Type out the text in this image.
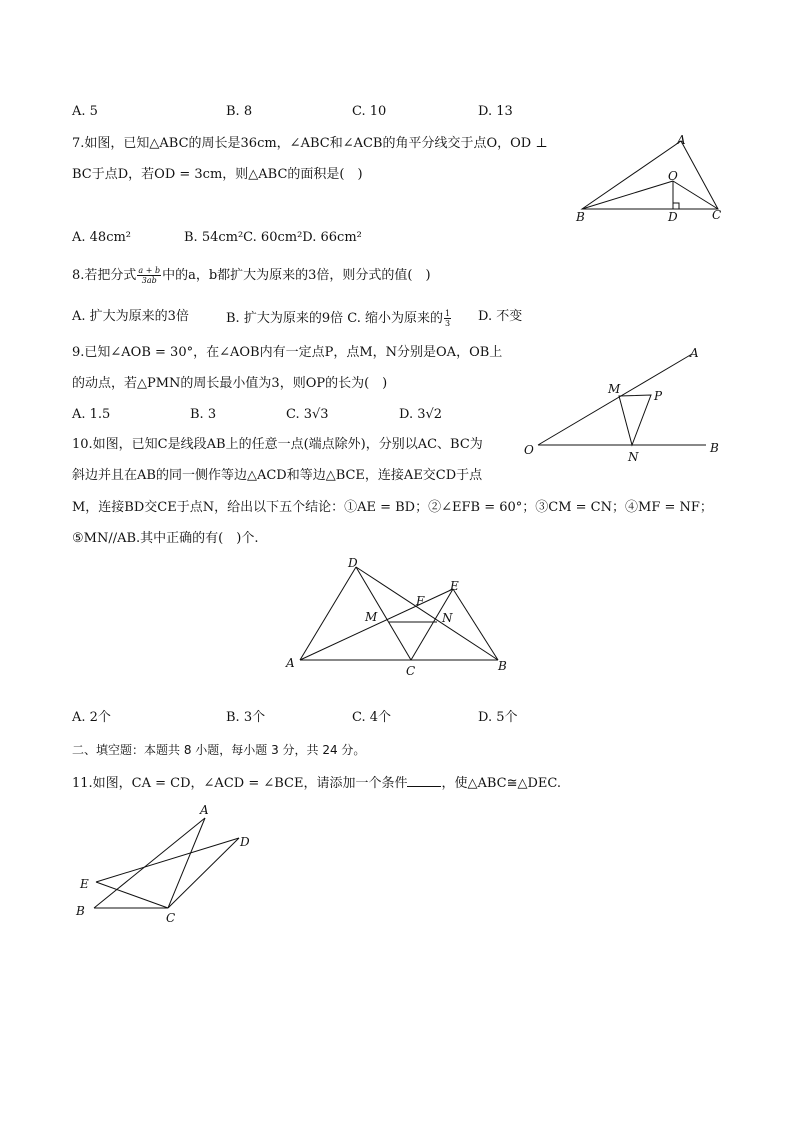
A. 5	B. 8	C. 10	D. 13
7.如图，已知△ABC的周长是36cm，∠ABC和∠ACB的角平分线交于点O，OD ⊥
BC于点D，若OD = 3cm，则△ABC的面积是(　)
A. 48cm²	B. 54cm²C. 60cm²D. 66cm²
A
O
B	D	C
8.若把分式 $\frac{a + b}{3ab}$ 中的a，b都扩大为原来的3倍，则分式的值(　)
A. 扩大为原来的3倍	B. 扩大为原来的9倍 C. 缩小为原来的 $\frac{1}{3} D$. 不变
9.已知∠AOB = 30°，在∠AOB内有一定点P，点M，N分别是OA，OB上
的动点，若△PMN的周长最小值为3，则OP的长为(　)
A. 1.5	B. 3	C. 3√3	D. 3√2
A
M	P
O	N
B
10.如图，已知C是线段AB上的任意一点(端点除外)，分别以AC、BC为
斜边并且在AB的同一侧作等边△ACD和等边△BCE，连接AE交CD于点
M，连接BD交CE于点N，给出以下五个结论：①AE = BD；②∠EFB = 60°；③CM = CN；④MF = NF；
⑤MN//AB.其中正确的有(　)个.
D
E
F
M	N
A
C	B
A. 2个	B. 3个	C. 4个	D. 5个
二、填空题：本题共 8 小题，每小题 3 分，共 24 分。
11.如图，CA = CD，∠ACD = ∠BCE，请添加一个条件	，使△ABC≅△DEC.
A
D
E
B	C
